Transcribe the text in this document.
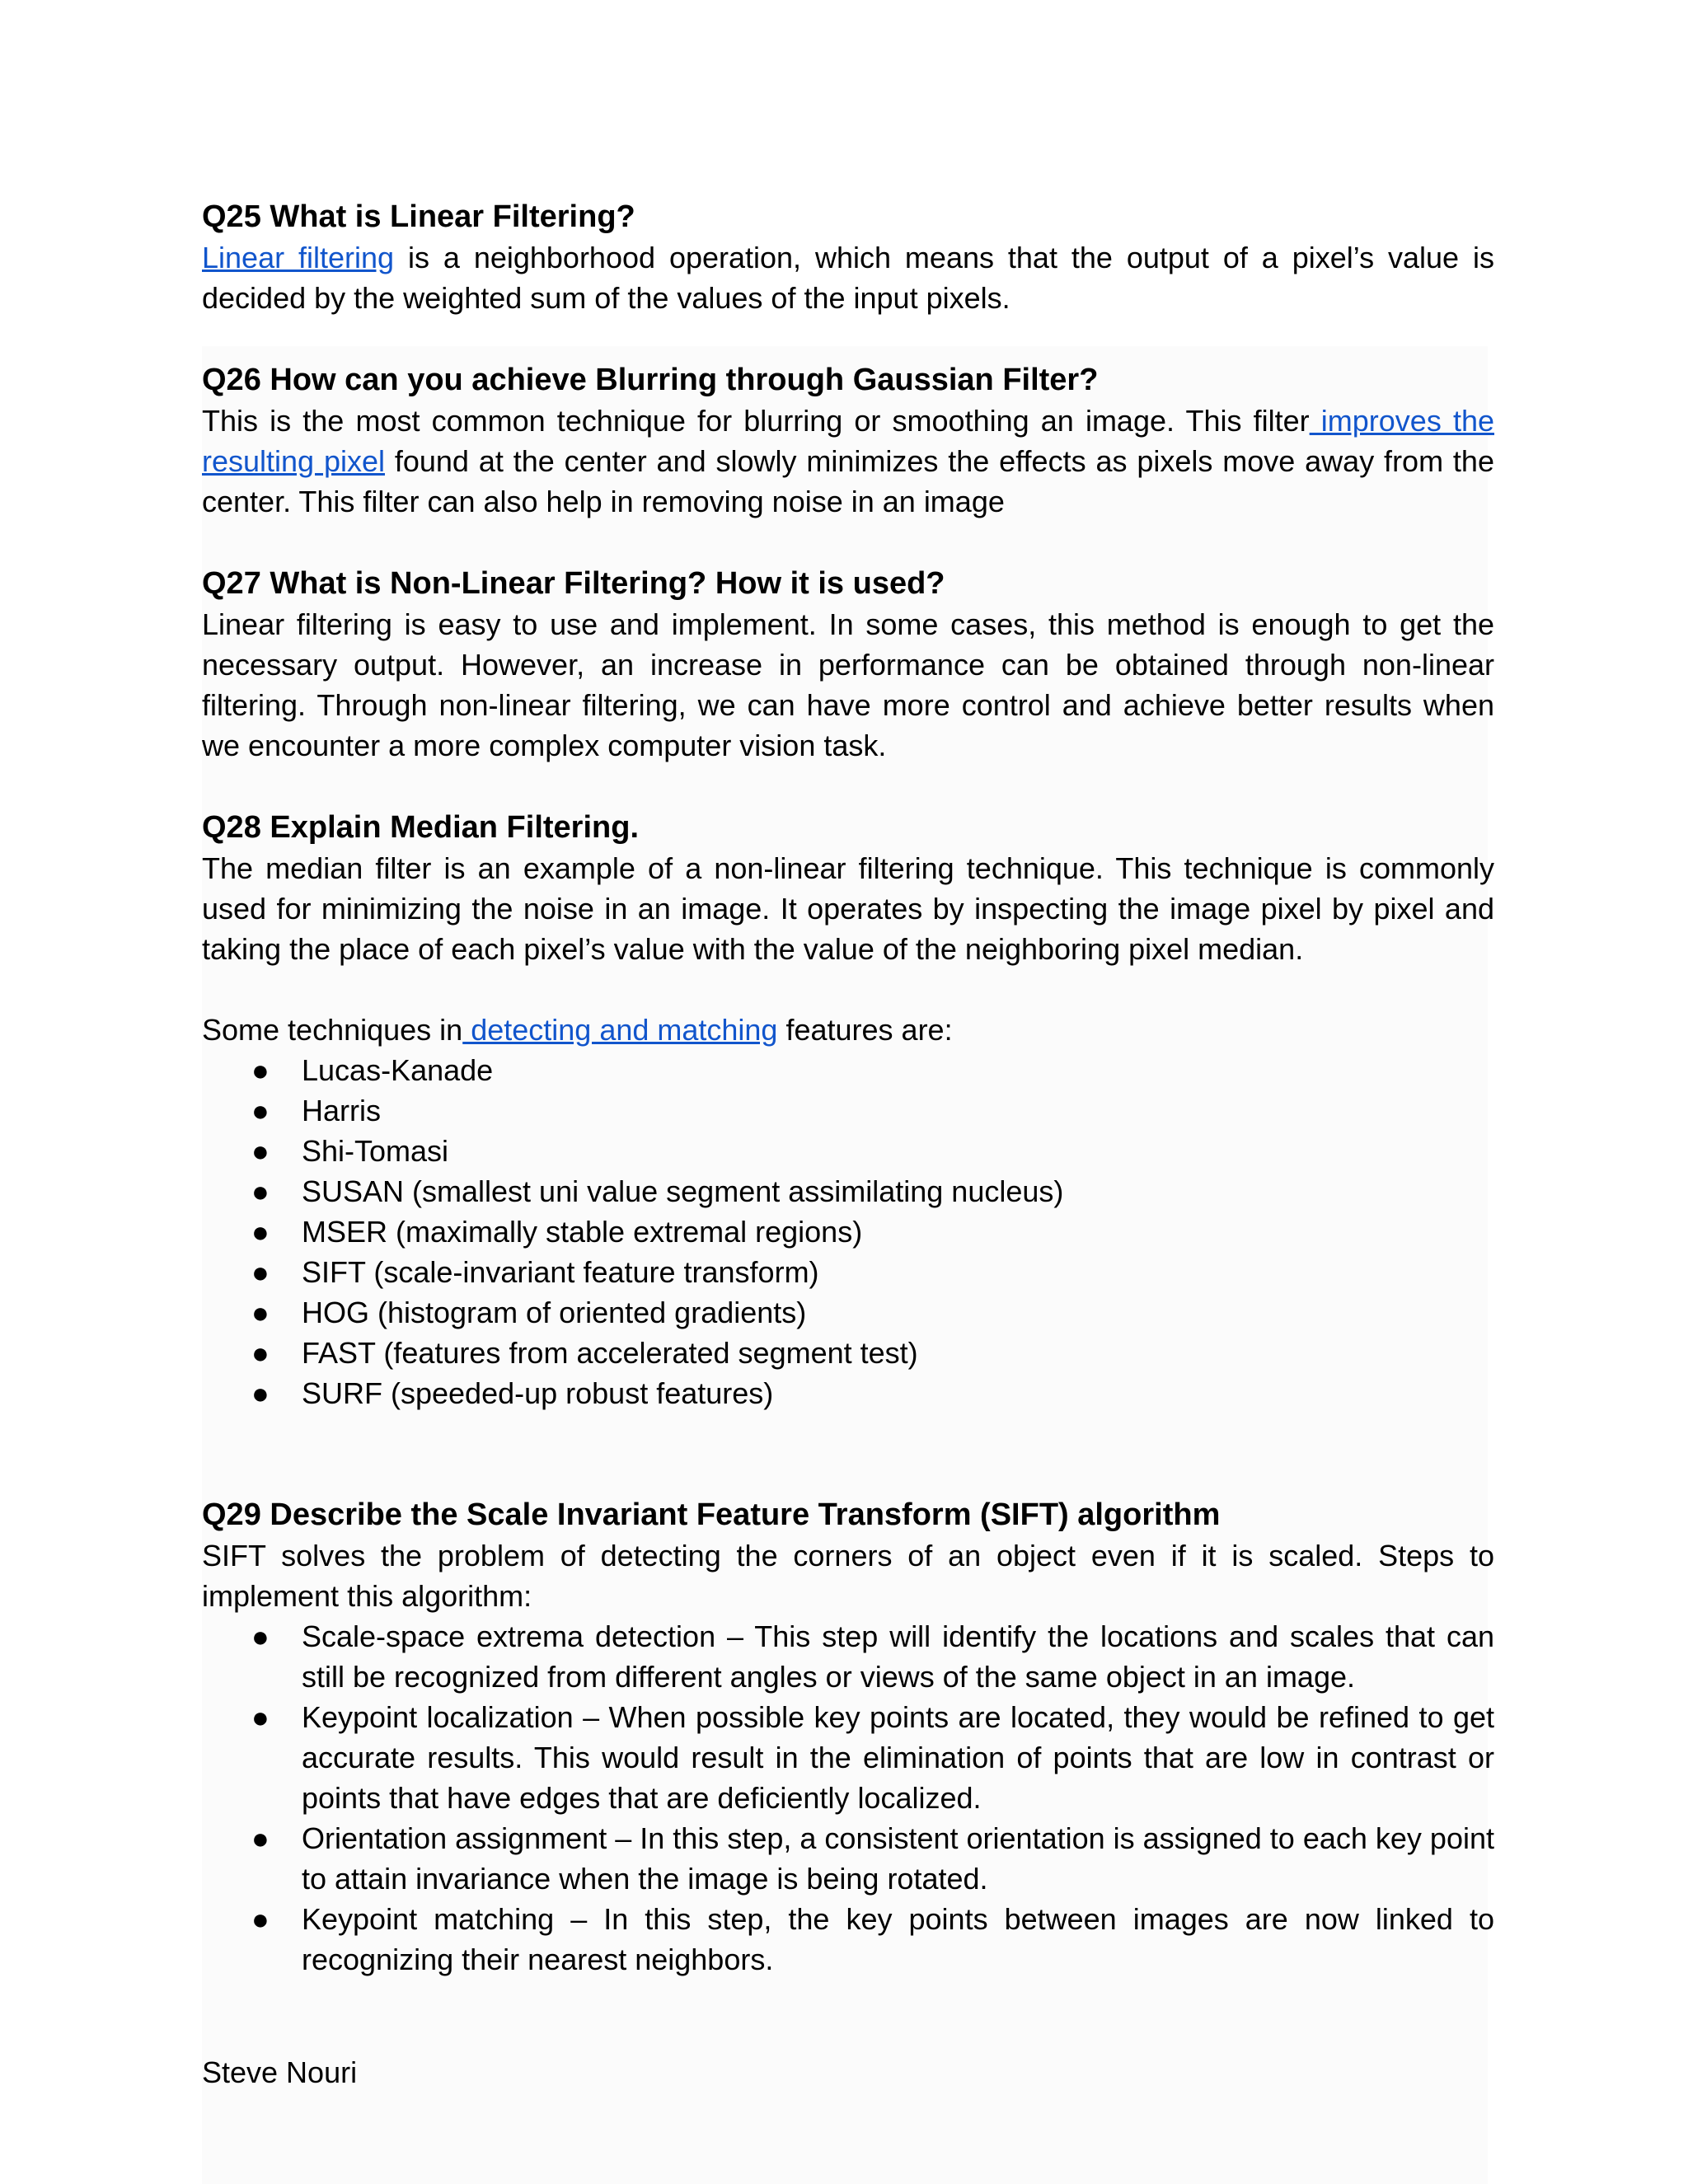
Q25 What is Linear Filtering?

Linear filtering is a neighborhood operation, which means that the output of a pixel’s value is decided by the weighted sum of the values of the input pixels.

Q26 How can you achieve Blurring through Gaussian Filter?

This is the most common technique for blurring or smoothing an image. This filter improves the resulting pixel found at the center and slowly minimizes the effects as pixels move away from the center. This filter can also help in removing noise in an image

Q27 What is Non-Linear Filtering? How it is used?

Linear filtering is easy to use and implement. In some cases, this method is enough to get the necessary output. However, an increase in performance can be obtained through non-linear filtering. Through non-linear filtering, we can have more control and achieve better results when we encounter a more complex computer vision task.

Q28 Explain Median Filtering.

The median filter is an example of a non-linear filtering technique. This technique is commonly used for minimizing the noise in an image. It operates by inspecting the image pixel by pixel and taking the place of each pixel’s value with the value of the neighboring pixel median.

Some techniques in detecting and matching features are:

● Lucas-Kanade
● Harris
● Shi-Tomasi
● SUSAN (smallest uni value segment assimilating nucleus)
● MSER (maximally stable extremal regions)
● SIFT (scale-invariant feature transform)
● HOG (histogram of oriented gradients)
● FAST (features from accelerated segment test)
● SURF (speeded-up robust features)
Q29 Describe the Scale Invariant Feature Transform (SIFT) algorithm

SIFT solves the problem of detecting the corners of an object even if it is scaled. Steps to implement this algorithm:

● Scale-space extrema detection – This step will identify the locations and scales that can still be recognized from different angles or views of the same object in an image.
● Keypoint localization – When possible key points are located, they would be refined to get accurate results. This would result in the elimination of points that are low in contrast or points that have edges that are deficiently localized.
● Orientation assignment – In this step, a consistent orientation is assigned to each key point to attain invariance when the image is being rotated.
● Keypoint matching – In this step, the key points between images are now linked to recognizing their nearest neighbors.
Steve Nouri
